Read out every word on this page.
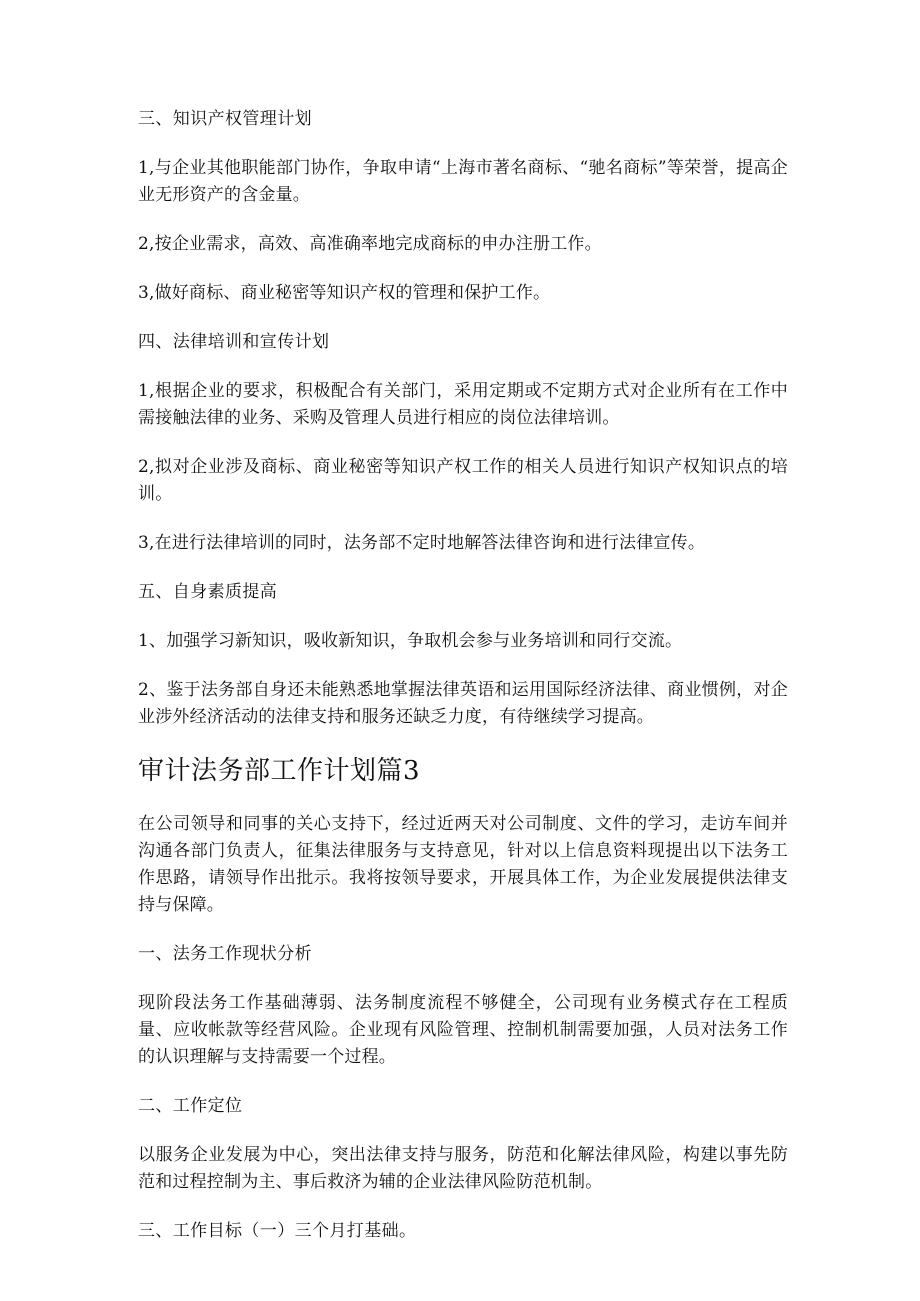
三、知识产权管理计划

1,与企业其他职能部门协作，争取申请“上海市著名商标、“驰名商标”等荣誉，提高企业无形资产的含金量。

2,按企业需求，高效、高准确率地完成商标的申办注册工作。

3,做好商标、商业秘密等知识产权的管理和保护工作。

四、法律培训和宣传计划

1,根据企业的要求，积极配合有关部门，采用定期或不定期方式对企业所有在工作中需接触法律的业务、采购及管理人员进行相应的岗位法律培训。

2,拟对企业涉及商标、商业秘密等知识产权工作的相关人员进行知识产权知识点的培训。

3,在进行法律培训的同时，法务部不定时地解答法律咨询和进行法律宣传。

五、自身素质提高

1、加强学习新知识，吸收新知识，争取机会参与业务培训和同行交流。

2、鉴于法务部自身还未能熟悉地掌握法律英语和运用国际经济法律、商业惯例，对企业涉外经济活动的法律支持和服务还缺乏力度，有待继续学习提高。

审计法务部工作计划篇3

在公司领导和同事的关心支持下，经过近两天对公司制度、文件的学习，走访车间并沟通各部门负责人，征集法律服务与支持意见，针对以上信息资料现提出以下法务工作思路，请领导作出批示。我将按领导要求，开展具体工作，为企业发展提供法律支持与保障。

一、法务工作现状分析

现阶段法务工作基础薄弱、法务制度流程不够健全，公司现有业务模式存在工程质量、应收帐款等经营风险。企业现有风险管理、控制机制需要加强，人员对法务工作的认识理解与支持需要一个过程。

二、工作定位

以服务企业发展为中心，突出法律支持与服务，防范和化解法律风险，构建以事先防范和过程控制为主、事后救济为辅的企业法律风险防范机制。

三、工作目标（一）三个月打基础。
